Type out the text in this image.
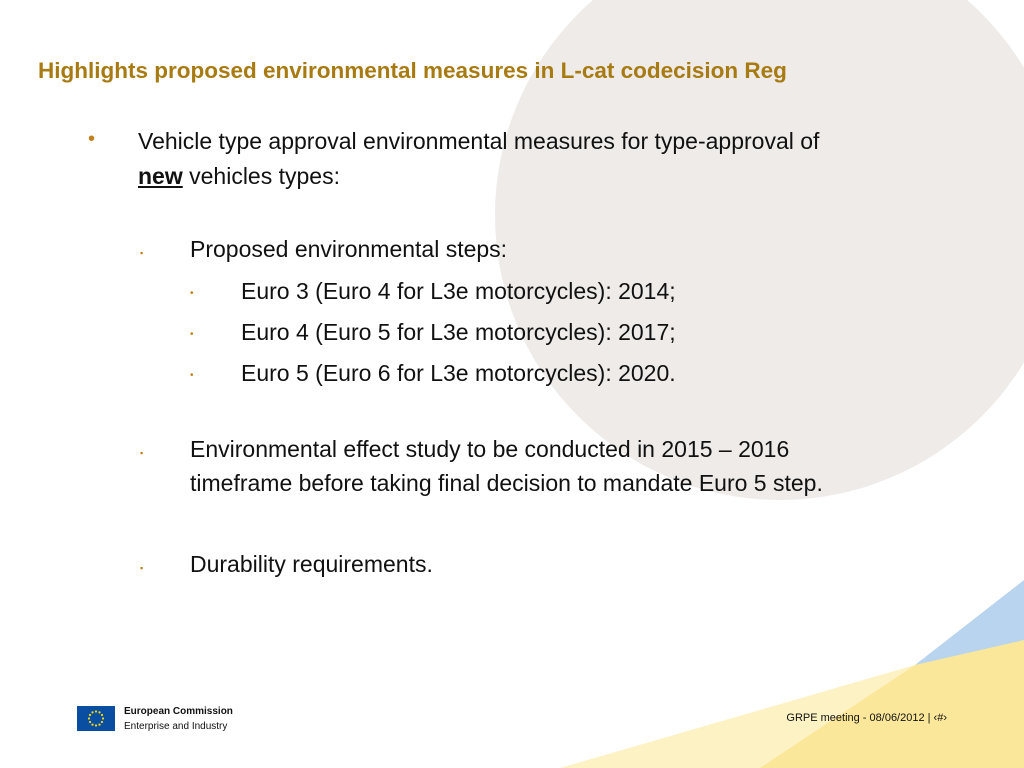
Highlights proposed environmental measures in L-cat codecision Reg
• Vehicle type approval environmental measures for type-approval of
new vehicles types:
▪ Proposed environmental steps:
• Euro 3 (Euro 4 for L3e motorcycles): 2014;
• Euro 4 (Euro 5 for L3e motorcycles): 2017;
• Euro 5 (Euro 6 for L3e motorcycles): 2020.
▪ Environmental effect study to be conducted in 2015 – 2016
timeframe before taking final decision to mandate Euro 5 step.
▪ Durability requirements.
European Commission
Enterprise and Industry
GRPE meeting - 08/06/2012 | ‹#›
